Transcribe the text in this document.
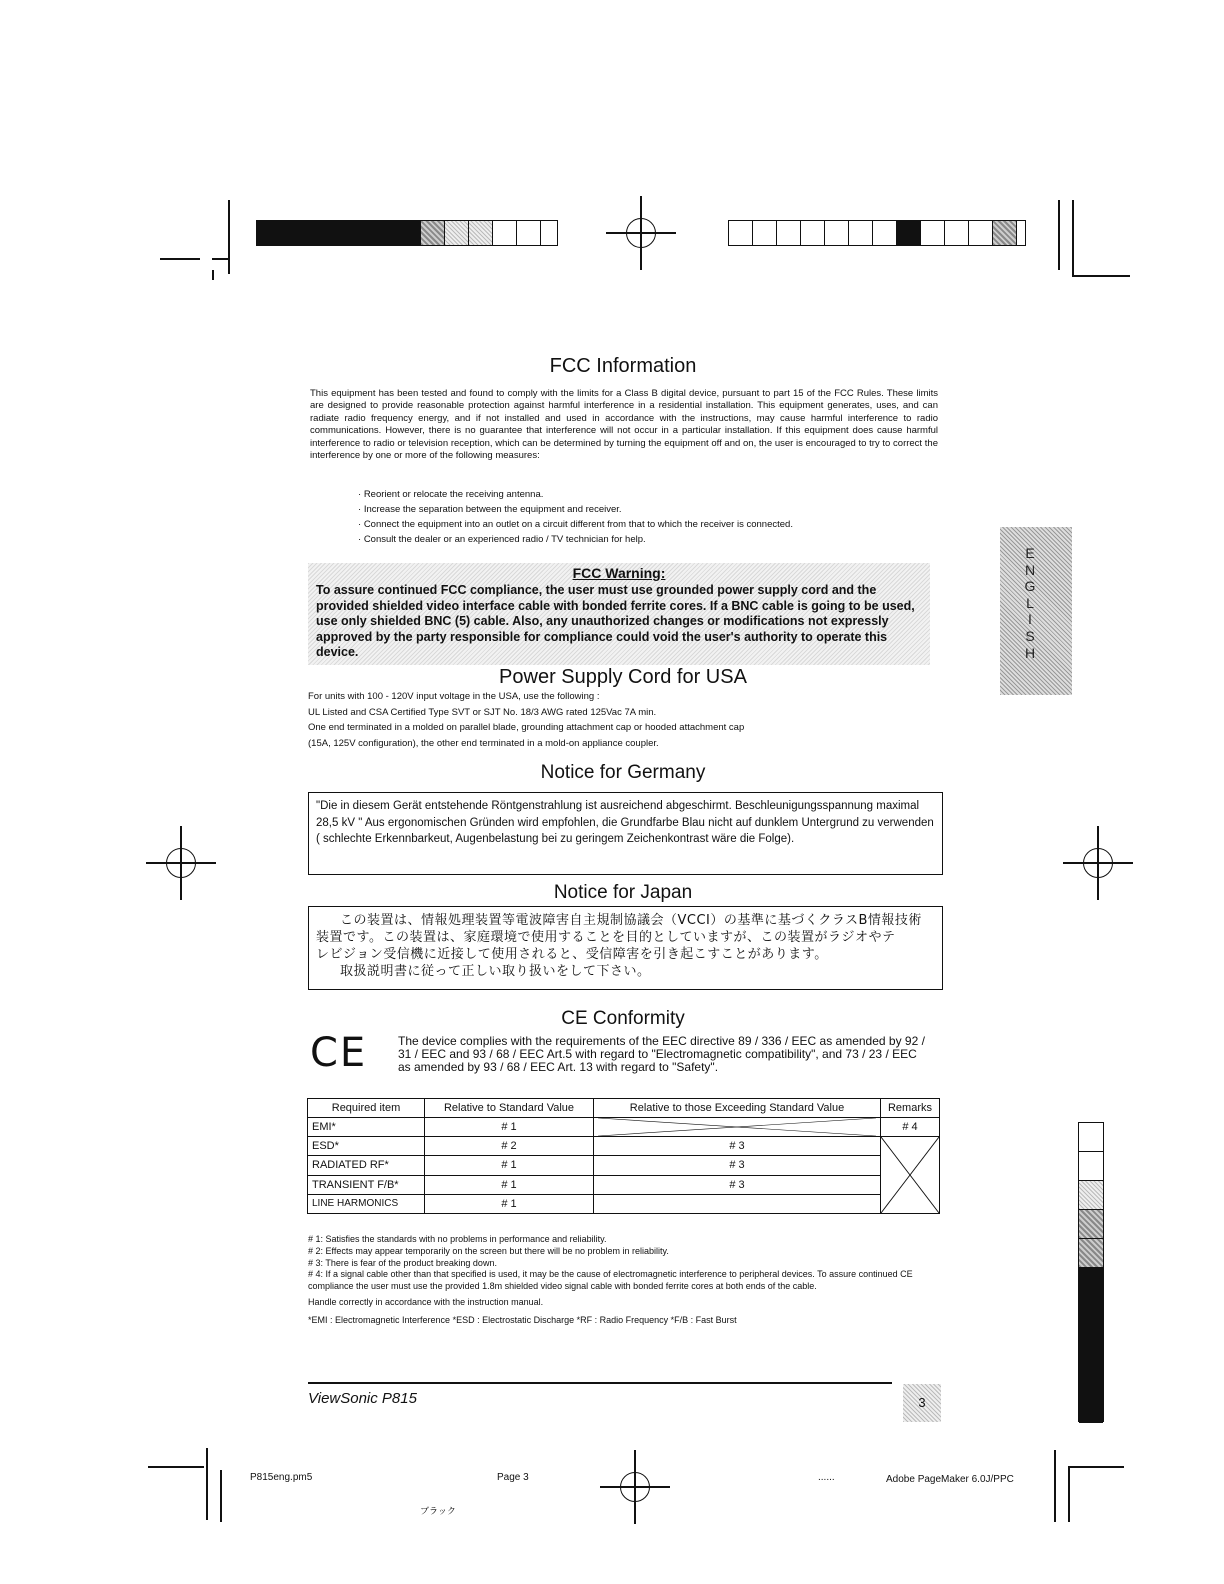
FCC Information
This equipment has been tested and found to comply with the limits for a Class B digital device, pursuant to part 15 of the FCC Rules. These limits are designed to provide reasonable protection against harmful interference in a residential installation. This equipment generates, uses, and can radiate radio frequency energy, and if not installed and used in accordance with the instructions, may cause harmful interference to radio communications. However, there is no guarantee that interference will not occur in a particular installation. If this equipment does cause harmful interference to radio or television reception, which can be determined by turning the equipment off and on, the user is encouraged to try to correct the interference by one or more of the following measures:
· Reorient or relocate the receiving antenna.
· Increase the separation between the equipment and receiver.
· Connect the equipment into an outlet on a circuit different from that to which the receiver is connected.
· Consult the dealer or an experienced radio / TV technician for help.
FCC Warning:
To assure continued FCC compliance, the user must use grounded power supply cord and the provided shielded video interface cable with bonded ferrite cores. If a BNC cable is going to be used, use only shielded BNC (5) cable. Also, any unauthorized changes or modifications not expressly approved by the party responsible for compliance could void the user's authority to operate this device.
E
N
G
L
I
S
H
Power Supply Cord for USA
For units with 100 - 120V input voltage in the USA, use the following :
UL Listed and CSA Certified Type SVT or SJT No. 18/3 AWG rated 125Vac 7A min.
One end terminated in a molded on parallel blade, grounding attachment cap or hooded attachment cap
(15A, 125V configuration), the other end terminated in a mold-on appliance coupler.
Notice for Germany
"Die in diesem Gerät entstehende Röntgenstrahlung ist ausreichend abgeschirmt. Beschleunigungsspannung maximal 28,5 kV " Aus ergonomischen Gründen wird empfohlen, die Grundfarbe Blau nicht auf dunklem Untergrund zu verwenden ( schlechte Erkennbarkeut, Augenbelastung bei zu geringem Zeichenkontrast wäre die Folge).
Notice for Japan
この装置は、情報処理装置等電波障害自主規制協議会（VCCI）の基準に基づくクラスB情報技術
装置です。この装置は、家庭環境で使用することを目的としていますが、この装置がラジオやテ
レビジョン受信機に近接して使用されると、受信障害を引き起こすことがあります。
取扱説明書に従って正しい取り扱いをして下さい。
CE Conformity
CE	The device complies with the requirements of the EEC directive 89 / 336 / EEC as amended by 92 / 31 / EEC and 93 / 68 / EEC Art.5 with regard to "Electromagnetic compatibility", and 73 / 23 / EEC as amended by 93 / 68 / EEC Art. 13 with regard to "Safety".
Required item	Relative to Standard Value	Relative to those Exceeding Standard Value	Remarks
EMI*	# 1		# 4
ESD*	# 2	# 3	

RADIATED RF*	# 1	# 3	
TRANSIENT F/B*	# 1	# 3	
LINE HARMONICS	# 1		

# 1: Satisfies the standards with no problems in performance and reliability.

# 2: Effects may appear temporarily on the screen but there will be no problem in reliability.

# 3: There is fear of the product breaking down.

# 4: If a signal cable other than that specified is used, it may be the cause of electromagnetic interference to peripheral devices. To assure continued CE compliance the user must use the provided 1.8m shielded video signal cable with bonded ferrite cores at both ends of the cable.

Handle correctly in accordance with the instruction manual.

*EMI : Electromagnetic Interference *ESD : Electrostatic Discharge *RF : Radio Frequency *F/B : Fast Burst

ViewSonic P815	3
P815eng.pm5	Page 3
ブラック
......	Adobe PageMaker 6.0J/PPC
